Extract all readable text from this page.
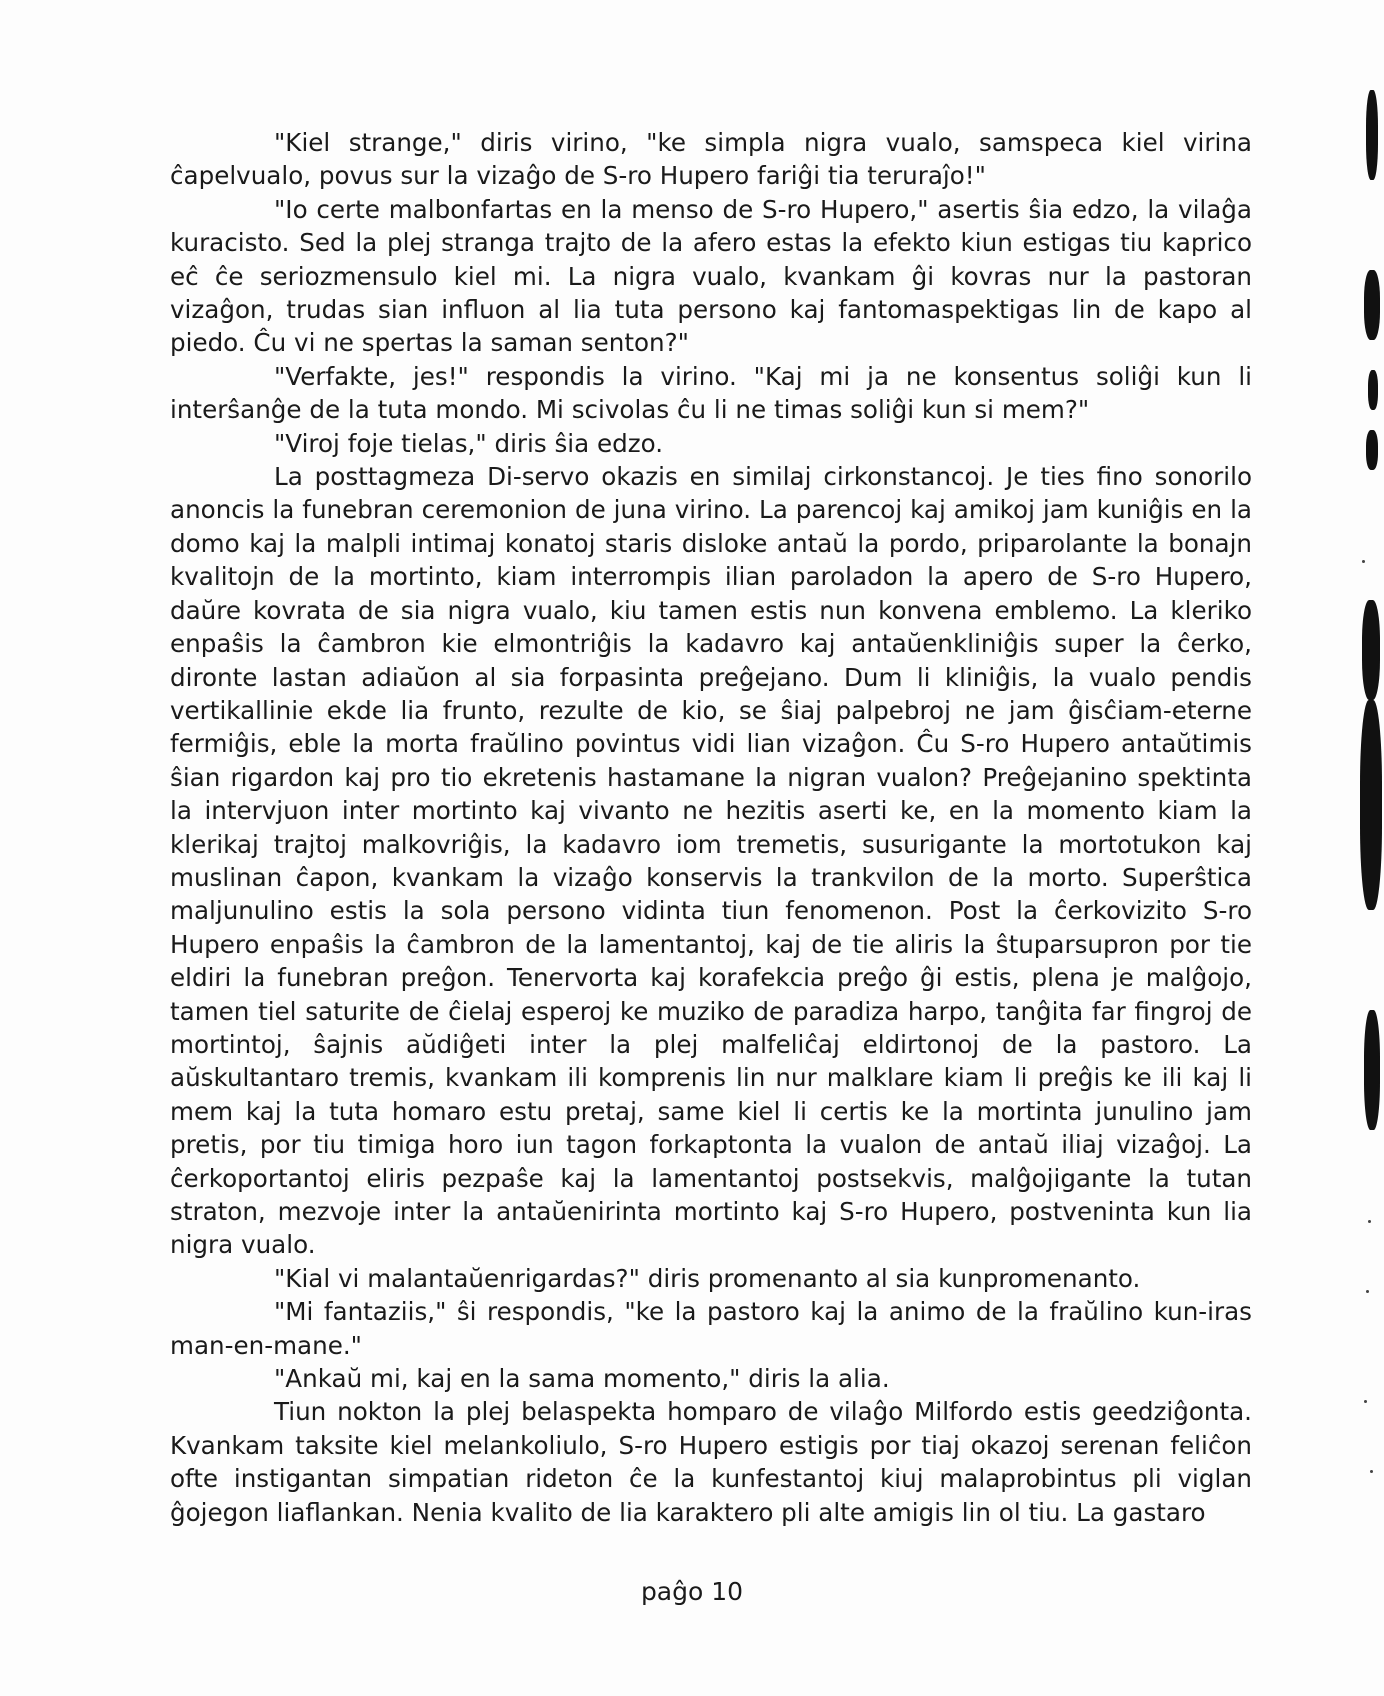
"Kiel strange," diris virino, "ke simpla nigra vualo, samspeca kiel virina ĉapelvualo, povus sur la vizaĝo de S-ro Hupero fariĝi tia teruraĵo!"

"Io certe malbonfartas en la menso de S-ro Hupero," asertis ŝia edzo, la vilaĝa kuracisto. Sed la plej stranga trajto de la afero estas la efekto kiun estigas tiu kaprico eĉ ĉe seriozmensulo kiel mi. La nigra vualo, kvankam ĝi kovras nur la pastoran vizaĝon, trudas sian influon al lia tuta persono kaj fantomaspektigas lin de kapo al piedo. Ĉu vi ne spertas la saman senton?"

"Verfakte, jes!" respondis la virino. "Kaj mi ja ne konsentus soliĝi kun li interŝanĝe de la tuta mondo. Mi scivolas ĉu li ne timas soliĝi kun si mem?"

"Viroj foje tielas," diris ŝia edzo.

La posttagmeza Di-servo okazis en similaj cirkonstancoj. Je ties fino sonorilo anoncis la funebran ceremonion de juna virino. La parencoj kaj amikoj jam kuniĝis en la domo kaj la malpli intimaj konatoj staris disloke antaŭ la pordo, priparolante la bonajn kvalitojn de la mortinto, kiam interrompis ilian paroladon la apero de S-ro Hupero, daŭre kovrata de sia nigra vualo, kiu tamen estis nun konvena emblemo. La kleriko enpaŝis la ĉambron kie elmontriĝis la kadavro kaj antaŭenkliniĝis super la ĉerko, dironte lastan adiaŭon al sia forpasinta preĝejano. Dum li kliniĝis, la vualo pendis vertikallinie ekde lia frunto, rezulte de kio, se ŝiaj palpebroj ne jam ĝisĉiam-eterne fermiĝis, eble la morta fraŭlino povintus vidi lian vizaĝon. Ĉu S-ro Hupero antaŭtimis ŝian rigardon kaj pro tio ekretenis hastamane la nigran vualon? Preĝejanino spektinta la intervjuon inter mortinto kaj vivanto ne hezitis aserti ke, en la momento kiam la klerikaj trajtoj malkovriĝis, la kadavro iom tremetis, susurigante la mortotukon kaj muslinan ĉapon, kvankam la vizaĝo konservis la trankvilon de la morto. Superŝtica maljunulino estis la sola persono vidinta tiun fenomenon. Post la ĉerkovizito S-ro Hupero enpaŝis la ĉambron de la lamentantoj, kaj de tie aliris la ŝtuparsupron por tie eldiri la funebran preĝon. Tenervorta kaj korafekcia preĝo ĝi estis, plena je malĝojo, tamen tiel saturite de ĉielaj esperoj ke muziko de paradiza harpo, tanĝita far fingroj de mortintoj, ŝajnis aŭdiĝeti inter la plej malfeliĉaj eldirtonoj de la pastoro. La aŭskultantaro tremis, kvankam ili komprenis lin nur malklare kiam li preĝis ke ili kaj li mem kaj la tuta homaro estu pretaj, same kiel li certis ke la mortinta junulino jam pretis, por tiu timiga horo iun tagon forkaptonta la vualon de antaŭ iliaj vizaĝoj. La ĉerkoportantoj eliris pezpaŝe kaj la lamentantoj postsekvis, malĝojigante la tutan straton, mezvoje inter la antaŭenirinta mortinto kaj S-ro Hupero, postveninta kun lia nigra vualo.

"Kial vi malantaŭenrigardas?" diris promenanto al sia kunpromenanto.

"Mi fantaziis," ŝi respondis, "ke la pastoro kaj la animo de la fraŭlino kun-iras man-en-mane."

"Ankaŭ mi, kaj en la sama momento," diris la alia.

Tiun nokton la plej belaspekta homparo de vilaĝo Milfordo estis geedziĝonta. Kvankam taksite kiel melankoliulo, S-ro Hupero estigis por tiaj okazoj serenan feliĉon ofte instigantan simpatian rideton ĉe la kunfestantoj kiuj malaprobintus pli viglan ĝojegon liaflankan. Nenia kvalito de lia karaktero pli alte amigis lin ol tiu. La gastaro

paĝo 10
